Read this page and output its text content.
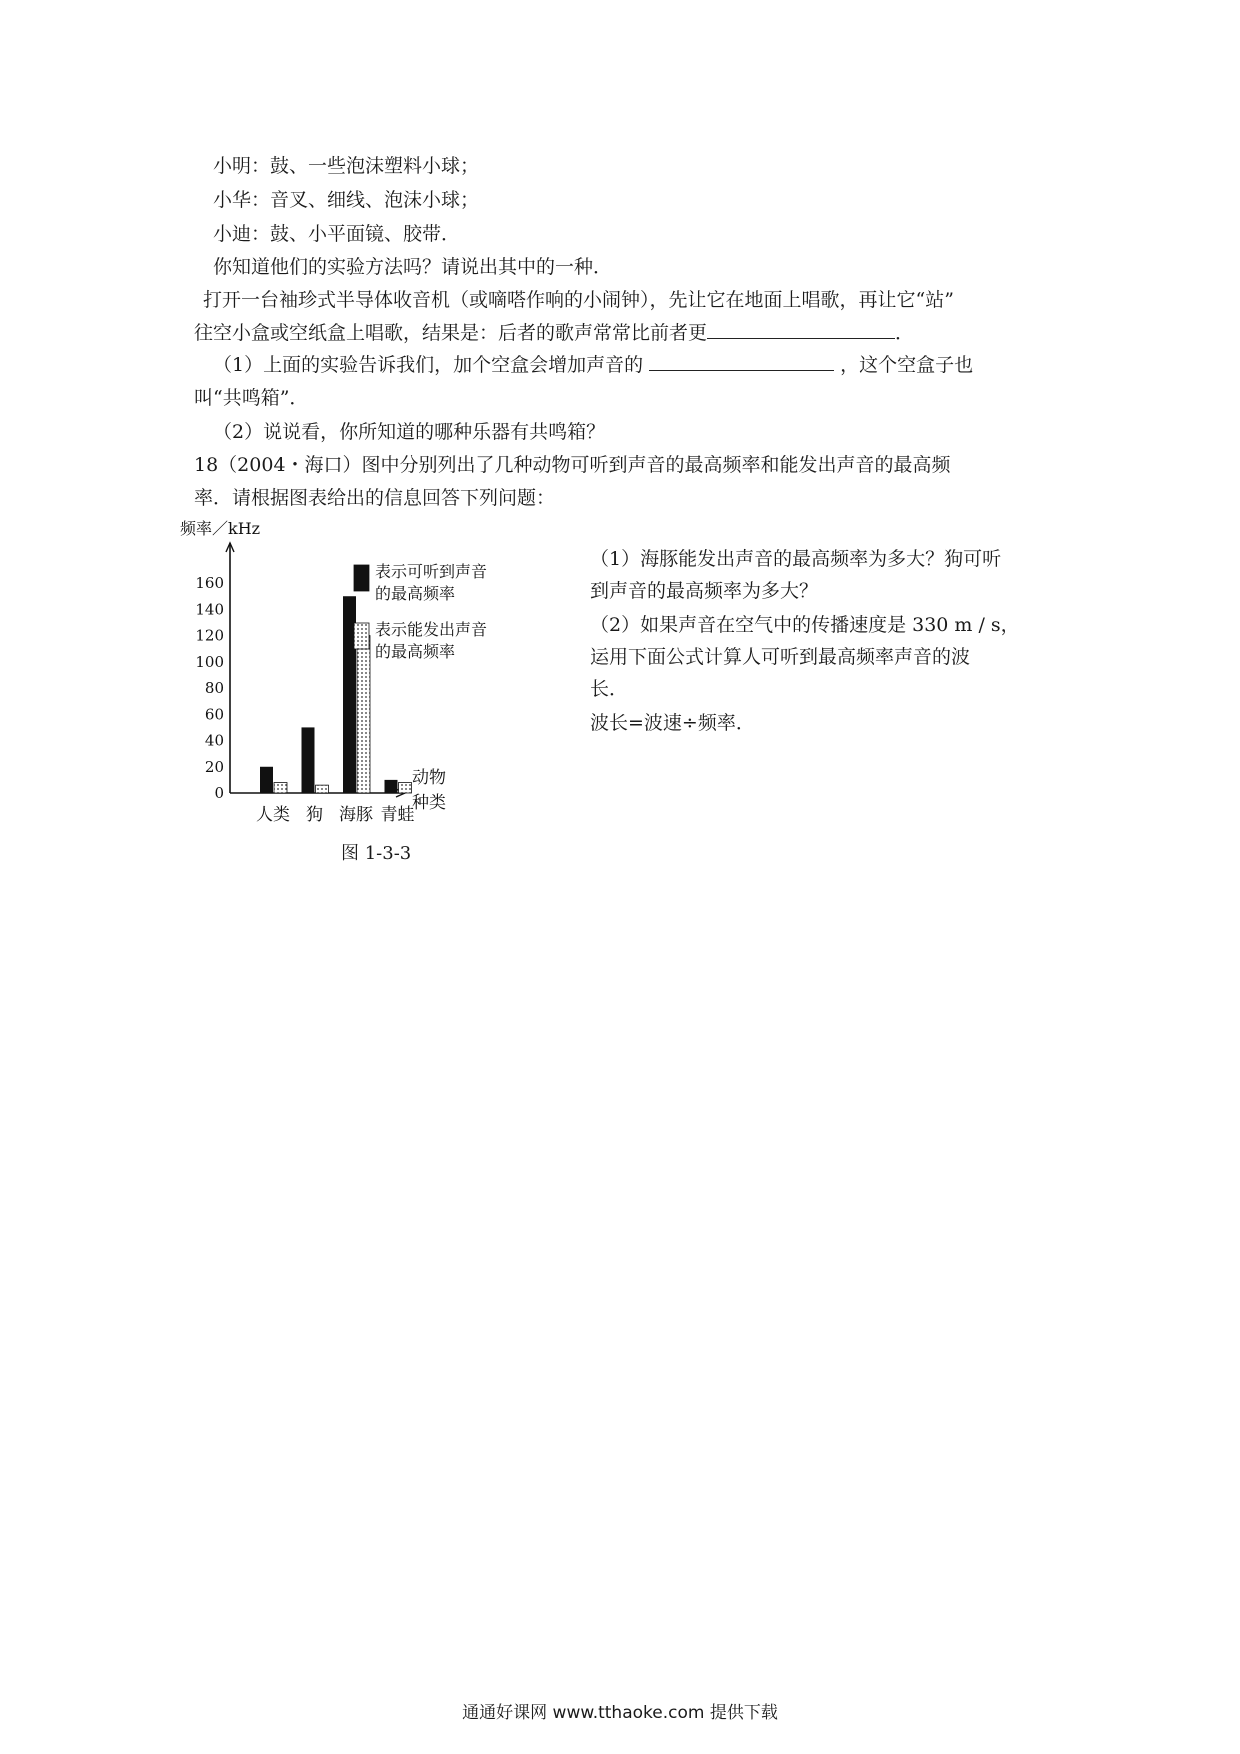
小明：鼓、一些泡沫塑料小球；
小华：音叉、细线、泡沫小球；
小迪：鼓、小平面镜、胶带．
你知道他们的实验方法吗？请说出其中的一种．
打开一台袖珍式半导体收音机（或嘀嗒作响的小闹钟），先让它在地面上唱歌，再让它“站”
往空小盒或空纸盒上唱歌，结果是：后者的歌声常常比前者更	．
（1）上面的实验告诉我们，加个空盒会增加声音的	，这个空盒子也
叫“共鸣箱”．
（2）说说看，你所知道的哪种乐器有共鸣箱？
18（2004・海口）图中分别列出了几种动物可听到声音的最高频率和能发出声音的最高频
率．请根据图表给出的信息回答下列问题：
频率／kHz
0
20
40
60
80
100
120
140
160
动物
种类
人类 狗 海豚 青蛙
表示可听到声音
的最高频率
表示能发出声音
的最高频率
（1）海豚能发出声音的最高频率为多大？狗可听
到声音的最高频率为多大？
（2）如果声音在空气中的传播速度是 330 m / s，
运用下面公式计算人可听到最高频率声音的波
长．
波长=波速÷频率．
图 1-3-3
通通好课网 www.tthaoke.com 提供下载
